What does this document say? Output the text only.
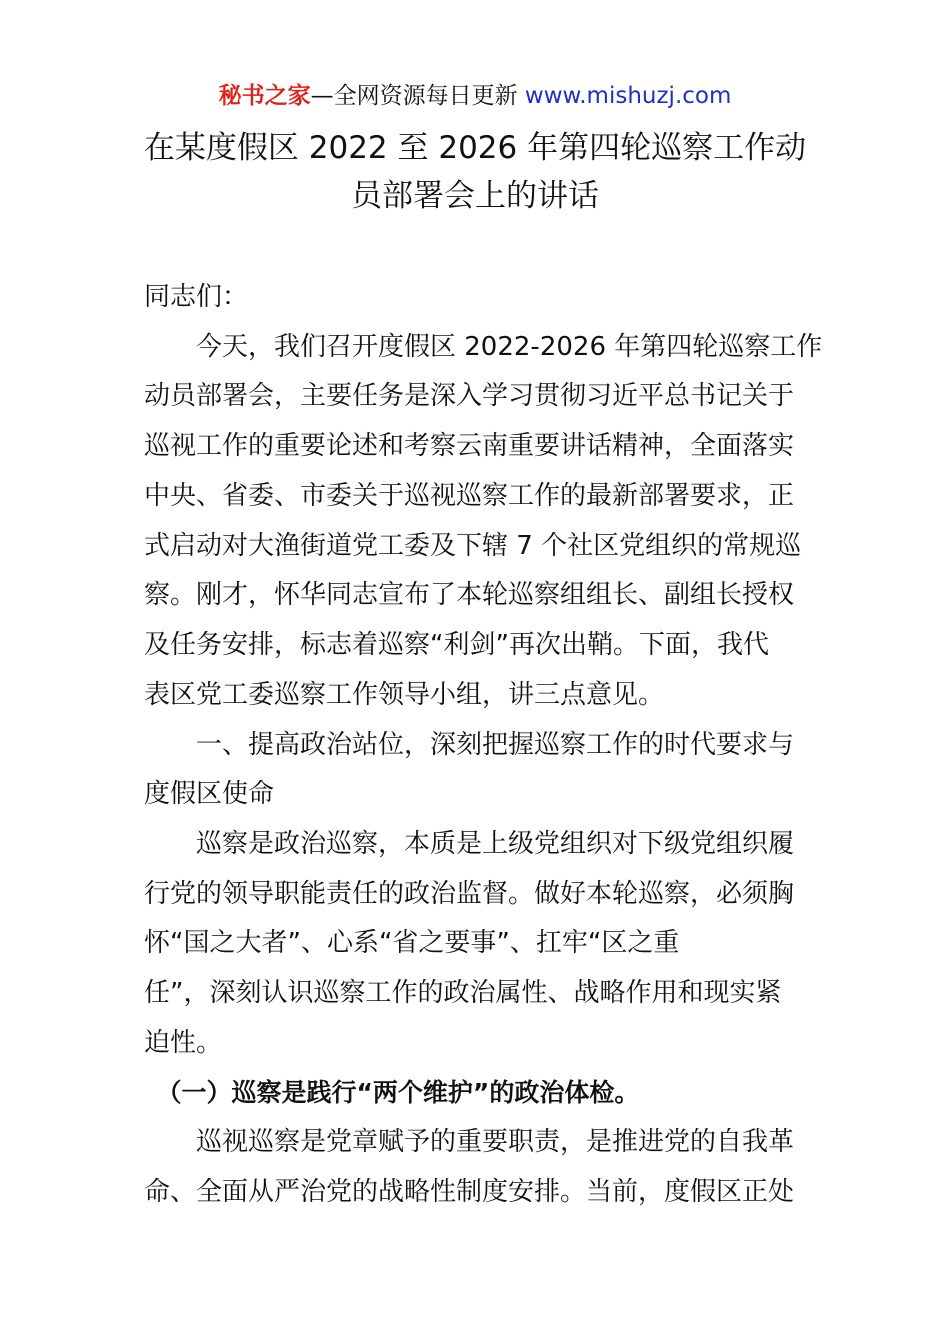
秘书之家—全网资源每日更新 www.mishuzj.com
在某度假区 2022 至 2026 年第四轮巡察工作动
员部署会上的讲话
同志们：
　　今天，我们召开度假区 2022-2026 年第四轮巡察工作
动员部署会，主要任务是深入学习贯彻习近平总书记关于
巡视工作的重要论述和考察云南重要讲话精神，全面落实
中央、省委、市委关于巡视巡察工作的最新部署要求，正
式启动对大渔街道党工委及下辖 7 个社区党组织的常规巡
察。刚才，怀华同志宣布了本轮巡察组组长、副组长授权
及任务安排，标志着巡察“利剑”再次出鞘。下面，我代
表区党工委巡察工作领导小组，讲三点意见。
　　一、提高政治站位，深刻把握巡察工作的时代要求与
度假区使命
　　巡察是政治巡察，本质是上级党组织对下级党组织履
行党的领导职能责任的政治监督。做好本轮巡察，必须胸
怀“国之大者”、心系“省之要事”、扛牢“区之重
任”，深刻认识巡察工作的政治属性、战略作用和现实紧
迫性。
　（一）巡察是践行“两个维护”的政治体检。
　　巡视巡察是党章赋予的重要职责，是推进党的自我革
命、全面从严治党的战略性制度安排。当前，度假区正处
